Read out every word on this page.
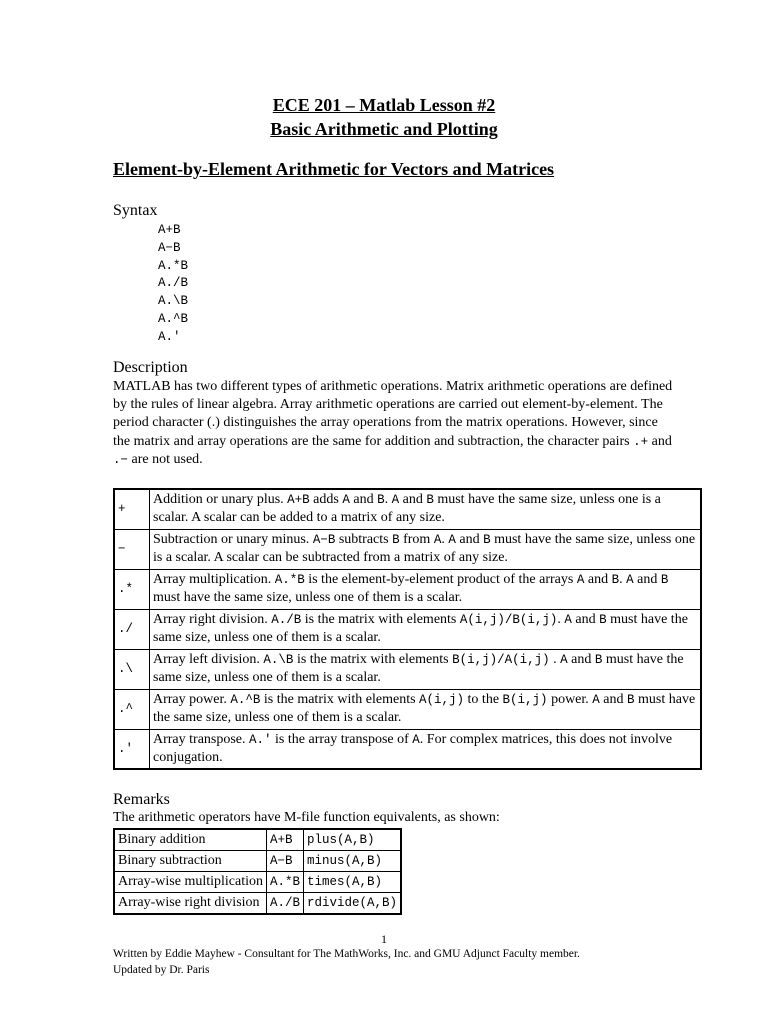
ECE 201 – Matlab Lesson #2
Basic Arithmetic and Plotting
Element-by-Element Arithmetic for Vectors and Matrices
Syntax
A+B
A−B
A.*B
A./B
A.\B
A.^B
A.'
Description
MATLAB has two different types of arithmetic operations. Matrix arithmetic operations are defined by the rules of linear algebra. Array arithmetic operations are carried out element-by-element. The period character (.) distinguishes the array operations from the matrix operations. However, since the matrix and array operations are the same for addition and subtraction, the character pairs .+ and .− are not used.
+	Addition or unary plus. A+B adds A and B. A and B must have the same size, unless one is a scalar. A scalar can be added to a matrix of any size.
−	Subtraction or unary minus. A−B subtracts B from A. A and B must have the same size, unless one is a scalar. A scalar can be subtracted from a matrix of any size.
.*	Array multiplication. A.*B is the element-by-element product of the arrays A and B. A and B must have the same size, unless one of them is a scalar.
./	Array right division. A./B is the matrix with elements A(i,j)/B(i,j). A and B must have the same size, unless one of them is a scalar.
.\	Array left division. A.\B is the matrix with elements B(i,j)/A(i,j) . A and B must have the same size, unless one of them is a scalar.
.^	Array power. A.^B is the matrix with elements A(i,j) to the B(i,j) power. A and B must have the same size, unless one of them is a scalar.
.'	Array transpose. A.' is the array transpose of A. For complex matrices, this does not involve conjugation.
Remarks
The arithmetic operators have M-file function equivalents, as shown:
Binary addition	A+B	plus(A,B)
Binary subtraction	A−B	minus(A,B)
Array-wise multiplication	A.*B	times(A,B)
Array-wise right division	A./B	rdivide(A,B)
1
Written by Eddie Mayhew - Consultant for The MathWorks, Inc. and GMU Adjunct Faculty member.
Updated by Dr. Paris
